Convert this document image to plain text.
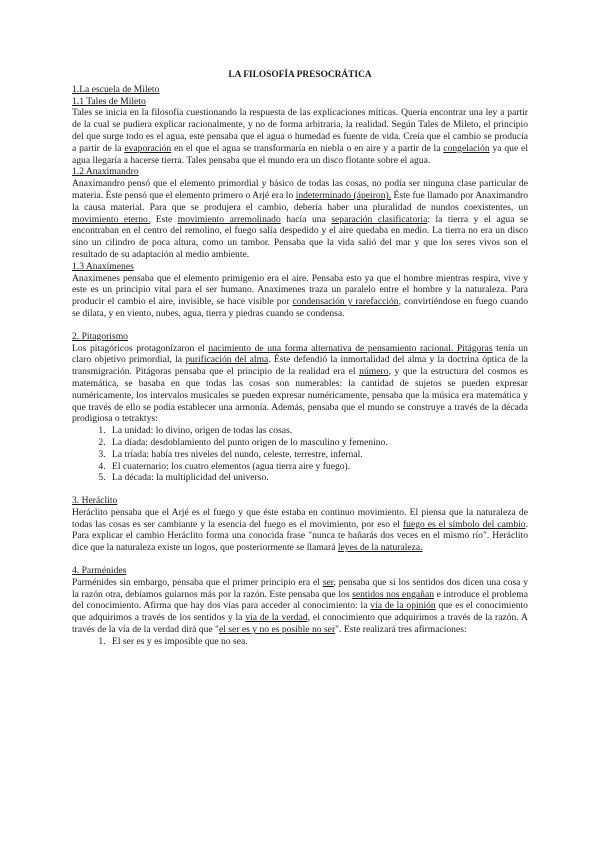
LA FILOSOFÍA PRESOCRÁTICA
1.La escuela de Mileto
1.1 Tales de Mileto

Tales se inicia en la filosofía cuestionando la respuesta de las explicaciones míticas. Quería encontrar una ley a partir de la cual se pudiera explicar racionalmente, y no de forma arbitraria, la realidad. Según Tales de Mileto, el principio del que surge todo es el agua, este pensaba que el agua o humedad es fuente de vida. Creía que el cambio se producía a partir de la evaporación en el que el agua se transformaría en niebla o en aire y a partir de la congelación ya que el agua llegaría a hacerse tierra. Tales pensaba que el mundo era un disco flotante sobre el agua.

1.2 Anaximandro

Anaximandro pensó que el elemento primordial y básico de todas las cosas, no podía ser ninguna clase particular de materia. Éste pensó que el elemento primero o Arjé era lo indeterminado (ápeiron). Éste fue llamado por Anaximandro la causa material. Para que se produjera el cambio, debería haber una pluralidad de nundos coexistentes, un movimiento eterno. Este movimiento arremolinado hacía una separación clasificatoria: la tierra y el agua se encontraban en el centro del remolino, el fuego salía despedido y el aire quedaba en medio. La tierra no era un disco sino un cilindro de poca altura, como un tambor. Pensaba que la vida salió del mar y que los seres vivos son el resultado de su adaptación al medio ambiente.

1.3 Anaxímenes

Anaxímenes pensaba que el elemento primigenio era el aire. Pensaba esto ya que el hombre mientras respira, vive y este es un principio vital para el ser humano. Anaxímenes traza un paralelo entre el hombre y la naturaleza. Para producir el cambio el aire, invisible, se hace visible por condensación y rarefacción, convirtiéndose en fuego cuando se dilata, y en viento, nubes, agua, tierra y piedras cuando se condensa.

2. Pitagorismo

Los pitagóricos protagonizaron el nacimiento de una forma alternativa de pensamiento racional. Pitágoras tenía un claro objetivo primordial, la purificación del alma. Éste defendió la inmortalidad del alma y la doctrina óptica de la transmigración. Pitágoras pensaba que el principio de la realidad era el número, y que la estructura del cosmos es matemática, se basaba en que todas las cosas son numerables: la cantidad de sujetos se pueden expresar numéricamente, los intervalos musicales se pueden expresar numéricamente, pensaba que la música era matemática y que través de ello se podía establecer una armonía. Además, pensaba que el mundo se construye a través de la década prodigiosa o tetraktys:

1. La unidad: lo divino, origen de todas las cosas.
2. La díada: desdoblamiento del punto origen de lo masculino y femenino.
3. La tríada: había tres niveles del nundo, celeste, terrestre, infernal.
4. El cuaternario: los cuatro elementos (agua tierra aire y fuego).
5. La década: la multiplicidad del universo.
3. Heráclito

Heráclito pensaba que el Arjé es el fuego y que éste estaba en continuo movimiento. El piensa que la naturaleza de todas las cosas es ser cambiante y la esencia del fuego es el movimiento, por eso el fuego es el símbolo del cambio. Para explicar el cambio Heráclito forma una conocida frase "nunca te bañarás dos veces en el mismo río". Heráclito dice que la naturaleza existe un logos, que posteriormente se llamará leyes de la naturaleza.

4. Parménides

Parménides sin embargo, pensaba que el primer principio era el ser, pensaba que si los sentidos dos dicen una cosa y la razón otra, debíamos guiarnos más por la razón. Este pensaba que los sentidos nos engañan e introduce el problema del conocimiento. Afirma que hay dos vías para acceder al conocimiento: la vía de la opinión que es el conocimiento que adquirimos a través de los sentidos y la vía de la verdad, el conocimiento que adquirimos a través de la razón. A través de la vía de la verdad dirá que "el ser es y no es posible no ser". Este realizará tres afirmaciones:

1. El ser es y es imposible que no sea.
